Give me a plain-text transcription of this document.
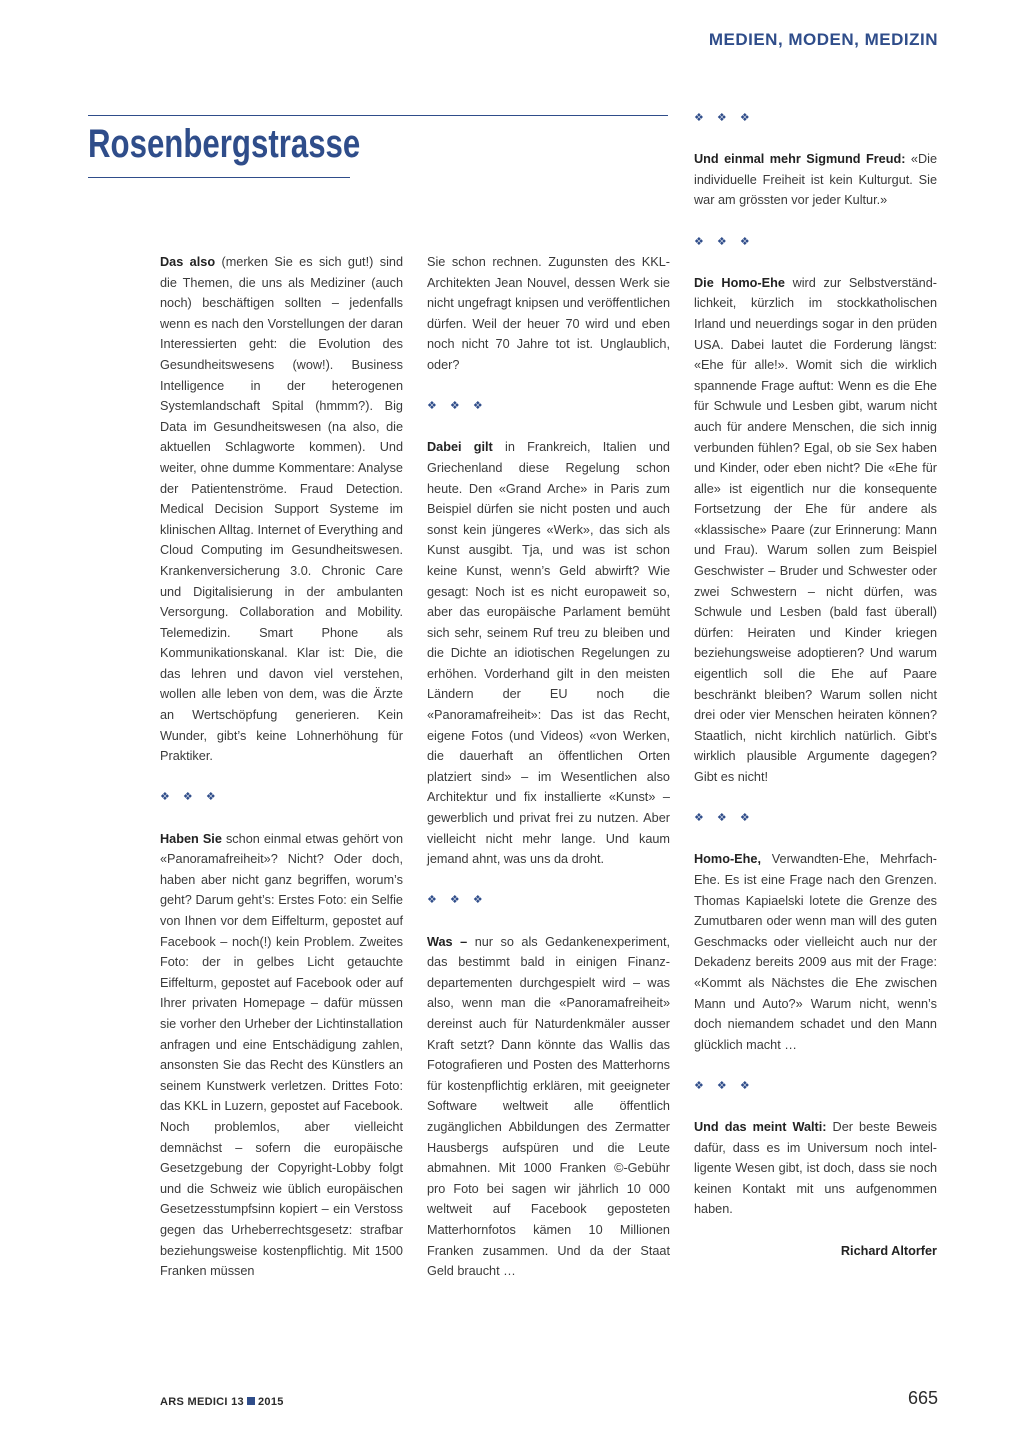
MEDIEN, MODEN, MEDIZIN
Rosenbergstrasse

Das also (merken Sie es sich gut!) sind die Themen, die uns als Mediziner (auch noch) beschäftigen sollten – jedenfalls wenn es nach den Vorstellungen der daran Interessierten geht: die Evolution des Gesundheitswesens (wow!). Business Intelligence in der heterogenen Systemlandschaft Spital (hmmm?). Big Data im Gesundheitswesen (na also, die aktuellen Schlagworte kommen). Und weiter, ohne dumme Kommentare: Analyse der Patientenströme. Fraud Detection. Medical Decision Support Systeme im klinischen Alltag. Internet of Everything and Cloud Computing im Gesundheitswesen. Krankenversicherung 3.0. Chronic Care und Digitalisierung in der ambulanten Versorgung. Collaboration and Mobility. Telemedizin. Smart Phone als Kommunikationskanal. Klar ist: Die, die das lehren und davon viel verstehen, wollen alle leben von dem, was die Ärzte an Wertschöpfung generieren. Kein Wunder, gibt’s keine Lohnerhöhung für Praktiker.

❖ ❖ ❖

Haben Sie schon einmal etwas gehört von «Panoramafreiheit»? Nicht? Oder doch, haben aber nicht ganz begriffen, worum’s geht? Darum geht’s: Erstes Foto: ein Selfie von Ihnen vor dem Eiffelturm, gepostet auf Facebook – noch(!) kein Problem. Zweites Foto: der in gelbes Licht getauchte Eiffelturm, gepostet auf Facebook oder auf Ihrer privaten Homepage – dafür müssen sie vorher den Urheber der Lichtinstallation anfragen und eine Entschädigung zahlen, ansonsten Sie das Recht des Künstlers an seinem Kunstwerk verletzen. Drittes Foto: das KKL in Luzern, gepostet auf Facebook. Noch problemlos, aber vielleicht demnächst – sofern die europäische Gesetzgebung der Copyright-Lobby folgt und die Schweiz wie üblich europäischen Gesetzesstumpfsinn kopiert – ein Verstoss gegen das Urheberrechtsgesetz: strafbar beziehungsweise kostenpflichtig. Mit 1500 Franken müssen

Sie schon rechnen. Zugunsten des KKL-Architekten Jean Nouvel, dessen Werk sie nicht ungefragt knipsen und veröffentlichen dürfen. Weil der heuer 70 wird und eben noch nicht 70 Jahre tot ist. Unglaublich, oder?

❖ ❖ ❖

Dabei gilt in Frankreich, Italien und Griechenland diese Regelung schon heute. Den «Grand Arche» in Paris zum Beispiel dürfen sie nicht posten und auch sonst kein jüngeres «Werk», das sich als Kunst ausgibt. Tja, und was ist schon keine Kunst, wenn’s Geld abwirft? Wie gesagt: Noch ist es nicht europaweit so, aber das europäische Parlament bemüht sich sehr, seinem Ruf treu zu bleiben und die Dichte an idiotischen Regelungen zu erhöhen. Vorderhand gilt in den meisten Ländern der EU noch die «Panoramafreiheit»: Das ist das Recht, eigene Fotos (und Videos) «von Werken, die dauerhaft an öffentlichen Orten platziert sind» – im Wesentlichen also Architektur und fix installierte «Kunst» – gewerblich und privat frei zu nutzen. Aber vielleicht nicht mehr lange. Und kaum jemand ahnt, was uns da droht.

❖ ❖ ❖

Was – nur so als Gedankenexperiment, das bestimmt bald in einigen Finanzdepartementen durchgespielt wird – was also, wenn man die «Panoramafreiheit» dereinst auch für Naturdenkmäler ausser Kraft setzt? Dann könnte das Wallis das Fotografieren und Posten des Matterhorns für kostenpflichtig erklären, mit geeigneter Software weltweit alle öffentlich zugänglichen Abbildungen des Zermatter Hausbergs aufspüren und die Leute abmahnen. Mit 1000 Franken ©-Gebühr pro Foto bei sagen wir jährlich 10 000 weltweit auf Facebook geposteten Matterhornfotos kämen 10 Millionen Franken zusammen. Und da der Staat Geld braucht …

❖ ❖ ❖

Und einmal mehr Sigmund Freud: «Die individuelle Freiheit ist kein Kulturgut. Sie war am grössten vor jeder Kultur.»

❖ ❖ ❖

Die Homo-Ehe wird zur Selbstverständlichkeit, kürzlich im stockkatholischen Irland und neuerdings sogar in den prüden USA. Dabei lautet die Forderung längst: «Ehe für alle!». Womit sich die wirklich spannende Frage auftut: Wenn es die Ehe für Schwule und Lesben gibt, warum nicht auch für andere Menschen, die sich innig verbunden fühlen? Egal, ob sie Sex haben und Kinder, oder eben nicht? Die «Ehe für alle» ist eigentlich nur die konsequente Fortsetzung der Ehe für andere als «klassische» Paare (zur Erinnerung: Mann und Frau). Warum sollen zum Beispiel Geschwister – Bruder und Schwester oder zwei Schwestern – nicht dürfen, was Schwule und Lesben (bald fast überall) dürfen: Heiraten und Kinder kriegen beziehungsweise adoptieren? Und warum eigentlich soll die Ehe auf Paare beschränkt bleiben? Warum sollen nicht drei oder vier Menschen heiraten können? Staatlich, nicht kirchlich natürlich. Gibt’s wirklich plausible Argumente dagegen? Gibt es nicht!

❖ ❖ ❖

Homo-Ehe, Verwandten-Ehe, Mehrfach-Ehe. Es ist eine Frage nach den Grenzen. Thomas Kapiaelski lotete die Grenze des Zumutbaren oder wenn man will des guten Geschmacks oder vielleicht auch nur der Dekadenz bereits 2009 aus mit der Frage: «Kommt als Nächstes die Ehe zwischen Mann und Auto?» Warum nicht, wenn’s doch niemandem schadet und den Mann glücklich macht …

❖ ❖ ❖

Und das meint Walti: Der beste Beweis dafür, dass es im Universum noch intelligente Wesen gibt, ist doch, dass sie noch keinen Kontakt mit uns aufgenommen haben.

Richard Altorfer
ARS MEDICI 13 2015	665
